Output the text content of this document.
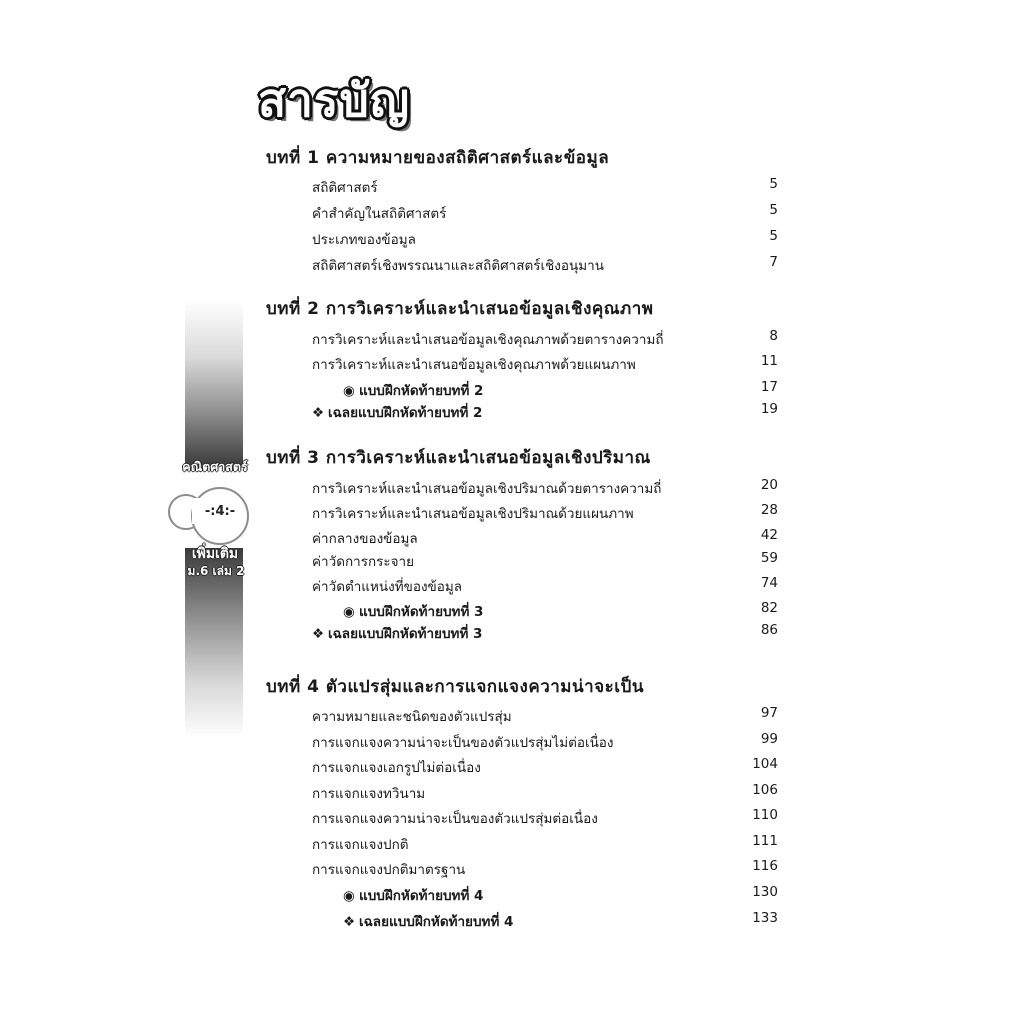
สารบัญ
คณิตศาสตร์
-:4:-
เพิ่มเติม
ม.6 เล่ม 2
บทที่ 1 ความหมายของสถิติศาสตร์และข้อมูล
สถิติศาสตร์	5
คำสำคัญในสถิติศาสตร์	5
ประเภทของข้อมูล	5
สถิติศาสตร์เชิงพรรณนาและสถิติศาสตร์เชิงอนุมาน	7
บทที่ 2 การวิเคราะห์และนำเสนอข้อมูลเชิงคุณภาพ
การวิเคราะห์และนำเสนอข้อมูลเชิงคุณภาพด้วยตารางความถี่	8
การวิเคราะห์และนำเสนอข้อมูลเชิงคุณภาพด้วยแผนภาพ	11
◉ แบบฝึกหัดท้ายบทที่ 2	17
❖ เฉลยแบบฝึกหัดท้ายบทที่ 2	19
บทที่ 3 การวิเคราะห์และนำเสนอข้อมูลเชิงปริมาณ
การวิเคราะห์และนำเสนอข้อมูลเชิงปริมาณด้วยตารางความถี่	20
การวิเคราะห์และนำเสนอข้อมูลเชิงปริมาณด้วยแผนภาพ	28
ค่ากลางของข้อมูล	42
ค่าวัดการกระจาย	59
ค่าวัดตำแหน่งที่ของข้อมูล	74
◉ แบบฝึกหัดท้ายบทที่ 3	82
❖ เฉลยแบบฝึกหัดท้ายบทที่ 3	86
บทที่ 4 ตัวแปรสุ่มและการแจกแจงความน่าจะเป็น
ความหมายและชนิดของตัวแปรสุ่ม	97
การแจกแจงความน่าจะเป็นของตัวแปรสุ่มไม่ต่อเนื่อง	99
การแจกแจงเอกรูปไม่ต่อเนื่อง	104
การแจกแจงทวินาม	106
การแจกแจงความน่าจะเป็นของตัวแปรสุ่มต่อเนื่อง	110
การแจกแจงปกติ	111
การแจกแจงปกติมาตรฐาน	116
◉ แบบฝึกหัดท้ายบทที่ 4	130
❖ เฉลยแบบฝึกหัดท้ายบทที่ 4	133
